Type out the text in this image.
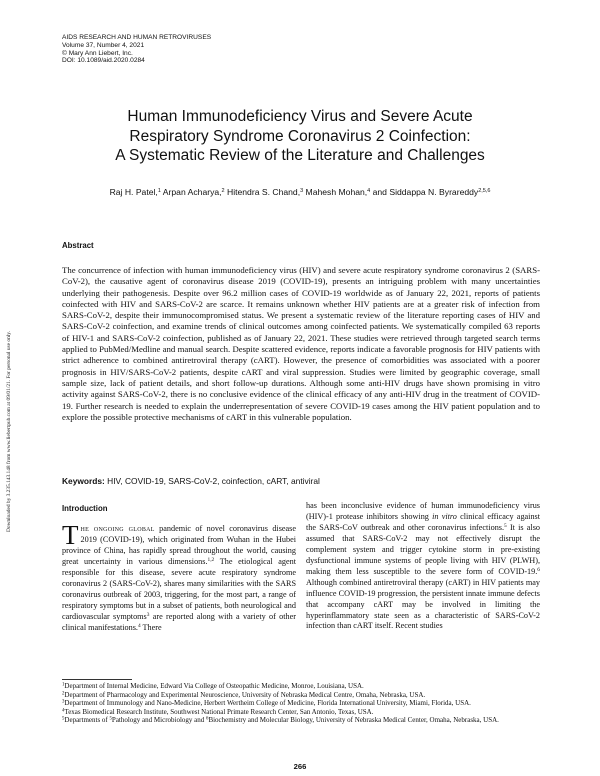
AIDS RESEARCH AND HUMAN RETROVIRUSES
Volume 37, Number 4, 2021
© Mary Ann Liebert, Inc.
DOI: 10.1089/aid.2020.0284
Human Immunodeficiency Virus and Severe Acute
Respiratory Syndrome Coronavirus 2 Coinfection:
A Systematic Review of the Literature and Challenges
Raj H. Patel,$^1$ Arpan Acharya,$^2$ Hitendra S. Chand,$^3$ Mahesh Mohan,$^4$ and Siddappa N. Byrareddy$^{2,5,6}$
Downloaded by 3.235.143.148 from www.liebertpub.com at 09/01/21. For personal use only.
Abstract
The concurrence of infection with human immunodeficiency virus (HIV) and severe acute respiratory syndrome coronavirus 2 (SARS-CoV-2), the causative agent of coronavirus disease 2019 (COVID-19), presents an intriguing problem with many uncertainties underlying their pathogenesis. Despite over 96.2 million cases of COVID-19 worldwide as of January 22, 2021, reports of patients coinfected with HIV and SARS-CoV-2 are scarce. It remains unknown whether HIV patients are at a greater risk of infection from SARS-CoV-2, despite their immunocompromised status. We present a systematic review of the literature reporting cases of HIV and SARS-CoV-2 coinfection, and examine trends of clinical outcomes among coinfected patients. We systematically compiled 63 reports of HIV-1 and SARS-CoV-2 coinfection, published as of January 22, 2021. These studies were retrieved through targeted search terms applied to PubMed/Medline and manual search. Despite scattered evidence, reports indicate a favorable prognosis for HIV patients with strict adherence to combined antiretroviral therapy (cART). However, the presence of comorbidities was associated with a poorer prognosis in HIV/SARS-CoV-2 patients, despite cART and viral suppression. Studies were limited by geographic coverage, small sample size, lack of patient details, and short follow-up durations. Although some anti-HIV drugs have shown promising in vitro activity against SARS-CoV-2, there is no conclusive evidence of the clinical efficacy of any anti-HIV drug in the treatment of COVID-19. Further research is needed to explain the underrepresentation of severe COVID-19 cases among the HIV patient population and to explore the possible protective mechanisms of cART in this vulnerable population.
Keywords: HIV, COVID-19, SARS-CoV-2, coinfection, cART, antiviral
Introduction
The ongoing global pandemic of novel coronavirus disease 2019 (COVID-19), which originated from Wuhan in the Hubei province of China, has rapidly spread throughout the world, causing great uncertainty in various dimensions.$^{1,2}$ The etiological agent responsible for this disease, severe acute respiratory syndrome coronavirus 2 (SARS-CoV-2), shares many similarities with the SARS coronavirus outbreak of 2003, triggering, for the most part, a range of respiratory symptoms but in a subset of patients, both neurological and cardiovascular symptoms$^3$ are reported along with a variety of other clinical manifestations.$^4$ There
has been inconclusive evidence of human immunodeficiency virus (HIV)-1 protease inhibitors showing in vitro clinical efficacy against the SARS-CoV outbreak and other coronavirus infections.$^5$ It is also assumed that SARS-CoV-2 may not effectively disrupt the complement system and trigger cytokine storm in pre-existing dysfunctional immune systems of people living with HIV (PLWH), making them less susceptible to the severe form of COVID-19.$^6$ Although combined antiretroviral therapy (cART) in HIV patients may influence COVID-19 progression, the persistent innate immune defects that accompany cART may be involved in limiting the hyperinflammatory state seen as a characteristic of SARS-CoV-2 infection than cART itself. Recent studies
$^1$Department of Internal Medicine, Edward Via College of Osteopathic Medicine, Monroe, Louisiana, USA.
$^2$Department of Pharmacology and Experimental Neuroscience, University of Nebraska Medical Centre, Omaha, Nebraska, USA.
$^3$Department of Immunology and Nano-Medicine, Herbert Wertheim College of Medicine, Florida International University, Miami, Florida, USA.
$^4$Texas Biomedical Research Institute, Southwest National Primate Research Center, San Antonio, Texas, USA.
$^5$Departments of $^5$Pathology and Microbiology and $^6$Biochemistry and Molecular Biology, University of Nebraska Medical Center, Omaha, Nebraska, USA.
266
